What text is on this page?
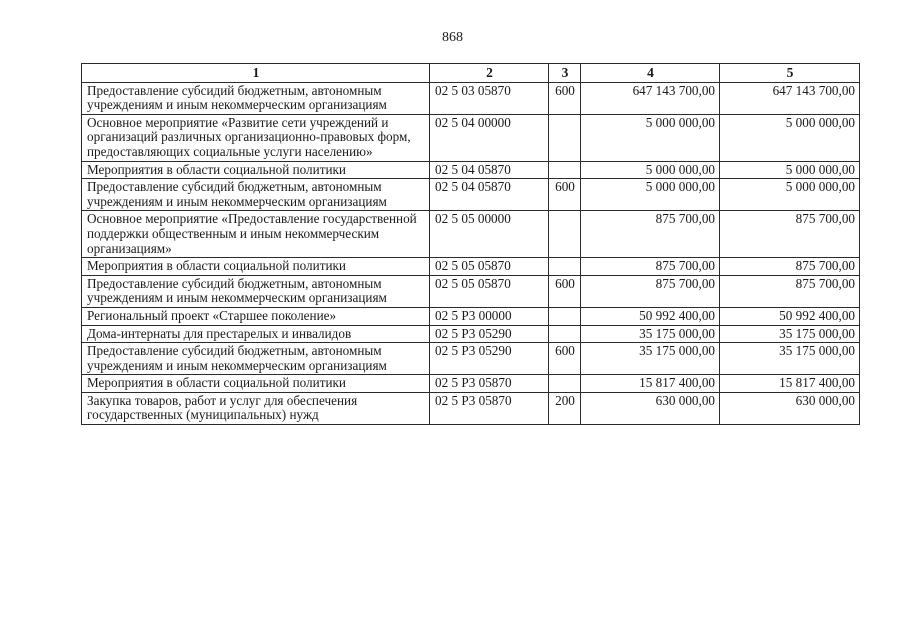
868
1	2	3	4	5
Предоставление субсидий бюджетным, автономным учреждениям и иным некоммерческим организациям	02 5 03 05870	600	647 143 700,00	647 143 700,00
Основное мероприятие «Развитие сети учреждений и организаций различных организационно-правовых форм, предоставляющих социальные услуги населению»	02 5 04 00000		5 000 000,00	5 000 000,00
Мероприятия в области социальной политики	02 5 04 05870		5 000 000,00	5 000 000,00
Предоставление субсидий бюджетным, автономным учреждениям и иным некоммерческим организациям	02 5 04 05870	600	5 000 000,00	5 000 000,00
Основное мероприятие «Предоставление государственной поддержки общественным и иным некоммерческим организациям»	02 5 05 00000		875 700,00	875 700,00
Мероприятия в области социальной политики	02 5 05 05870		875 700,00	875 700,00
Предоставление субсидий бюджетным, автономным учреждениям и иным некоммерческим организациям	02 5 05 05870	600	875 700,00	875 700,00
Региональный проект «Старшее поколение»	02 5 P3 00000		50 992 400,00	50 992 400,00
Дома-интернаты для престарелых и инвалидов	02 5 P3 05290		35 175 000,00	35 175 000,00
Предоставление субсидий бюджетным, автономным учреждениям и иным некоммерческим организациям	02 5 P3 05290	600	35 175 000,00	35 175 000,00
Мероприятия в области социальной политики	02 5 P3 05870		15 817 400,00	15 817 400,00
Закупка товаров, работ и услуг для обеспечения государственных (муниципальных) нужд	02 5 P3 05870	200	630 000,00	630 000,00
